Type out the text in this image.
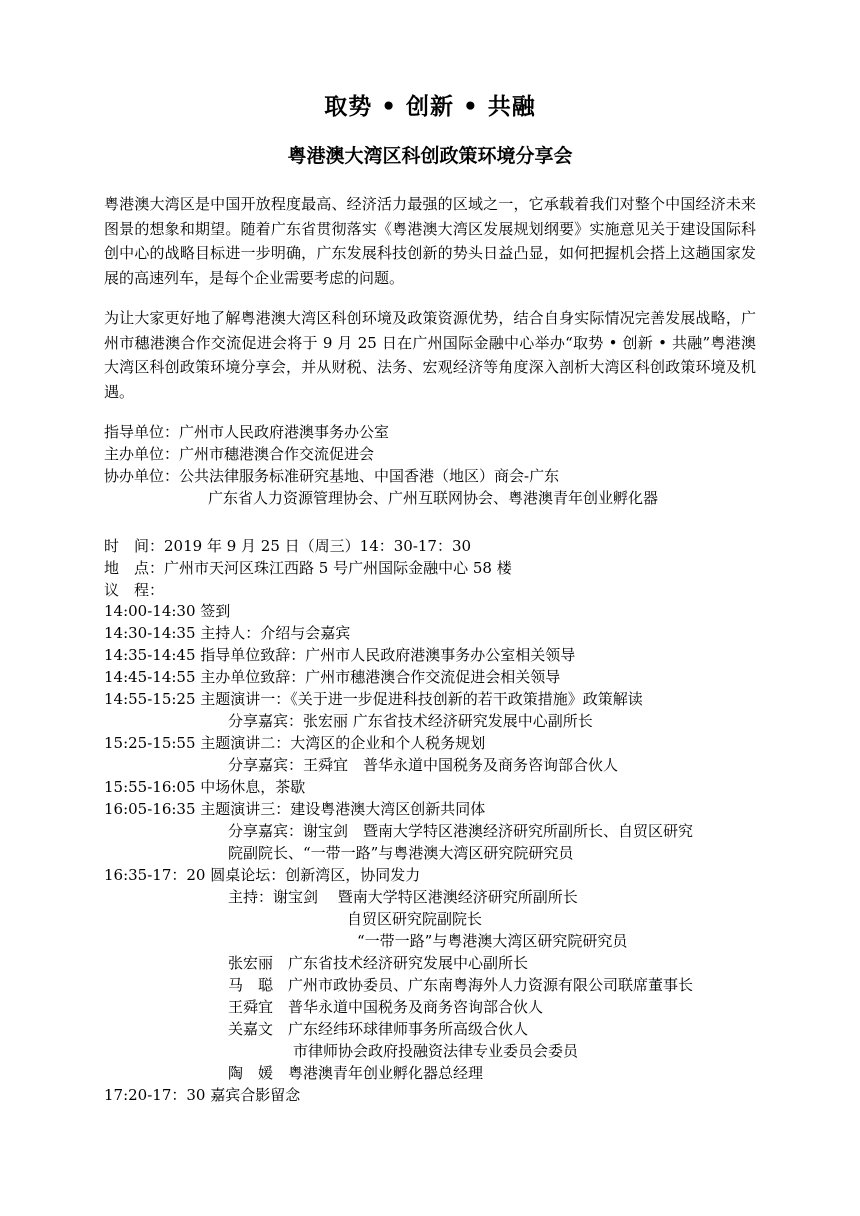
取势 • 创新 • 共融
粤港澳大湾区科创政策环境分享会

粤港澳大湾区是中国开放程度最高、经济活力最强的区域之一，它承载着我们对整个中国经济未来图景的想象和期望。随着广东省贯彻落实《粤港澳大湾区发展规划纲要》实施意见关于建设国际科创中心的战略目标进一步明确，广东发展科技创新的势头日益凸显，如何把握机会搭上这趟国家发展的高速列车，是每个企业需要考虑的问题。

为让大家更好地了解粤港澳大湾区科创环境及政策资源优势，结合自身实际情况完善发展战略，广州市穗港澳合作交流促进会将于 9 月 25 日在广州国际金融中心举办“取势 • 创新 • 共融”粤港澳大湾区科创政策环境分享会，并从财税、法务、宏观经济等角度深入剖析大湾区科创政策环境及机遇。

指导单位：广州市人民政府港澳事务办公室
主办单位：广州市穗港澳合作交流促进会
协办单位：公共法律服务标准研究基地、中国香港（地区）商会-广东
广东省人力资源管理协会、广州互联网协会、粤港澳青年创业孵化器
时　间：2019 年 9 月 25 日（周三）14：30-17：30
地　点：广州市天河区珠江西路 5 号广州国际金融中心 58 楼
议　程：
14:00-14:30 签到
14:30-14:35 主持人：介绍与会嘉宾
14:35-14:45 指导单位致辞：广州市人民政府港澳事务办公室相关领导
14:45-14:55 主办单位致辞：广州市穗港澳合作交流促进会相关领导
14:55-15:25 主题演讲一：《关于进一步促进科技创新的若干政策措施》政策解读
分享嘉宾：张宏丽 广东省技术经济研究发展中心副所长
15:25-15:55 主题演讲二：大湾区的企业和个人税务规划
分享嘉宾：王舜宜　普华永道中国税务及商务咨询部合伙人
15:55-16:05 中场休息，茶歇
16:05-16:35 主题演讲三：建设粤港澳大湾区创新共同体
分享嘉宾：谢宝剑　暨南大学特区港澳经济研究所副所长、自贸区研究
院副院长、“一带一路”与粤港澳大湾区研究院研究员
16:35-17：20 圆桌论坛：创新湾区，协同发力
主持：谢宝剑　 暨南大学特区港澳经济研究所副所长
自贸区研究院副院长
“一带一路”与粤港澳大湾区研究院研究员
张宏丽　广东省技术经济研究发展中心副所长
马　聪　广州市政协委员、广东南粤海外人力资源有限公司联席董事长
王舜宜　普华永道中国税务及商务咨询部合伙人
关嘉文　广东经纬环球律师事务所高级合伙人
市律师协会政府投融资法律专业委员会委员
陶　媛　粤港澳青年创业孵化器总经理
17:20-17：30 嘉宾合影留念
